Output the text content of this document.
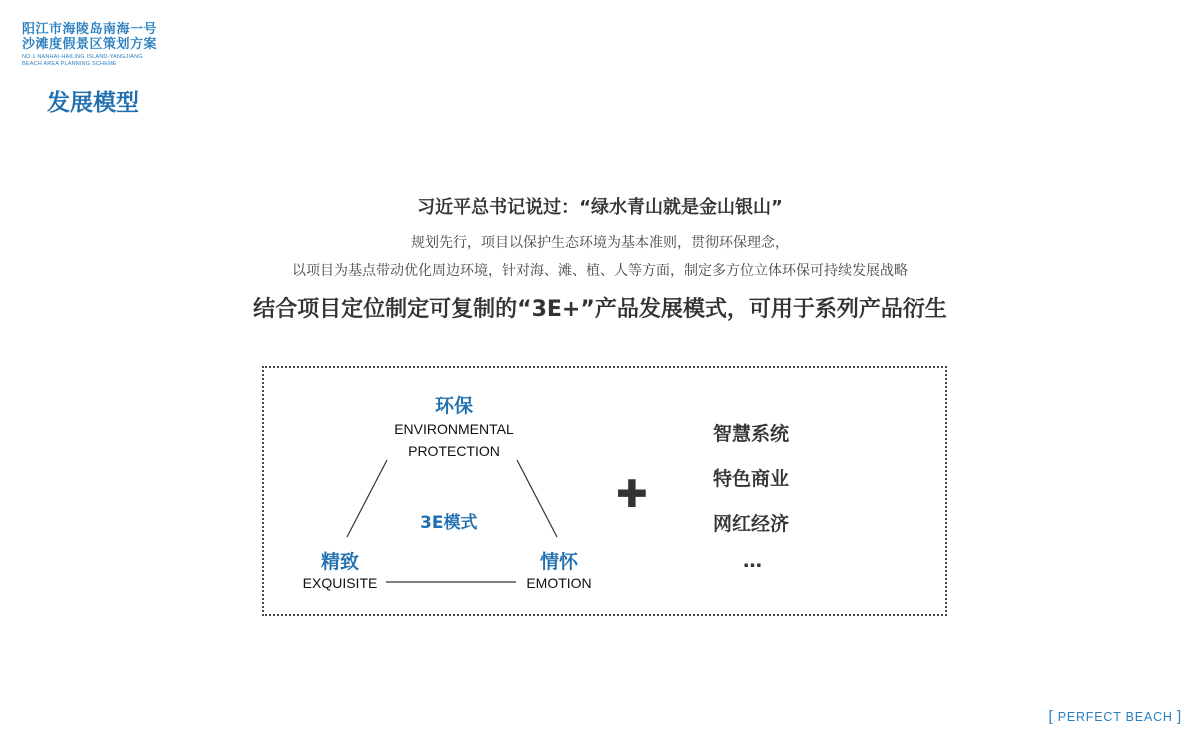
阳江市海陵岛南海一号
沙滩度假景区策划方案
NO.1 NANHAI-HAILING ISLAND-YANGJIANG
BEACH AREA PLANNING SCHEME
发展模型
习近平总书记说过：“绿水青山就是金山银山”
规划先行，项目以保护生态环境为基本准则，贯彻环保理念，
以项目为基点带动优化周边环境，针对海、滩、植、人等方面，制定多方位立体环保可持续发展战略
结合项目定位制定可复制的“3E+”产品发展模式，可用于系列产品衍生
环保
ENVIRONMENTAL
PROTECTION
3E模式
精致
EXQUISITE
情怀
EMOTION
✚
智慧系统
特色商业
网红经济
…
[ PERFECT BEACH ]
